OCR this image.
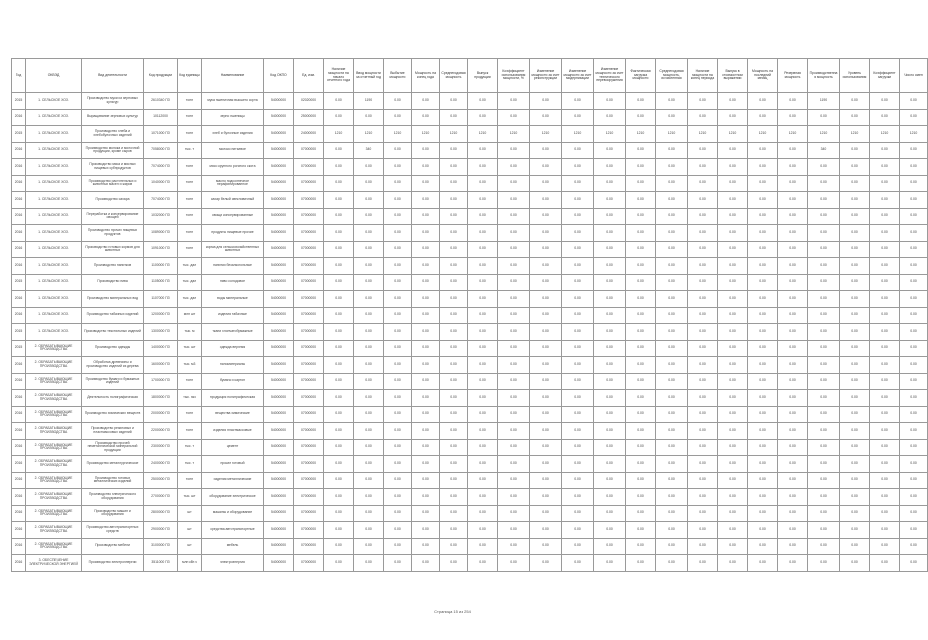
Год	ОКВЭД	Вид деятельности	Код продукции	Код единицы	Наименование	Код ОКПО	Ед. изм.	Наличие мощности на начало отчетного года	Ввод мощности за отчетный год	Выбытие мощности	Мощность на конец года	Среднегодовая мощность	Выпуск продукции	Коэффициент использования мощности, %	Изменение мощности за счет реконструкции	Изменение мощности за счет модернизации	Изменение мощности за счет технического перевооружения	Фактическая загрузка мощности	Среднегодовая мощность, исчисленная	Наличие мощности на конец периода	Выпуск в стоимостном выражении	Мощность на последний месяц	Резервная мощность	Производственная мощность	Уровень использования	Коэффициент загрузки	Число смен
2015	1. СЕЛЬСКОЕ ХОЗ.	Производство муки из зерновых культур	2610340 ПЗ	тонн	мука пшеничная высшего сорта	54000000	02020000	0.00	1190	0.00	0.00	0.00	0.00	0.00	0.00	0.00	0.00	0.00	0.00	0.00	0.00	0.00	0.00	1190	0.00	0.00	0.00
2016	1. СЕЛЬСКОЕ ХОЗ.	Выращивание зерновых культур	10112000	тонн	зерно пшеницы	54000000	25000000	0.00	0.00	0.00	0.00	0.00	0.00	0.00	0.00	0.00	0.00	0.00	0.00	0.00	0.00	0.00	0.00	0.00	0.00	0.00	0.00
2015	1. СЕЛЬСКОЕ ХОЗ.	Производство хлеба и хлебобулочных изделий	1071000 ПЗ	тонн	хлеб и булочные изделия	54000000	24000000	1210	1210	1210	1210	1210	1210	1210	1210	1210	1210	1210	1210	1210	1210	1210	1210	1210	1210	1210	1210
2016	1. СЕЛЬСКОЕ ХОЗ.	Производство молока и молочной продукции, кроме сыров	7058000 ПЗ	тыс. т	молоко питьевое	54000000	07000000	0.00	340	0.00	0.00	0.00	0.00	0.00	0.00	0.00	0.00	0.00	0.00	0.00	0.00	0.00	0.00	340	0.00	0.00	0.00
2016	1. СЕЛЬСКОЕ ХОЗ.	Производство мяса и мясных пищевых субпродуктов	7074000 ПЗ	тонн	мясо крупного рогатого скота	54000000	07000000	0.00	0.00	0.00	0.00	0.00	0.00	0.00	0.00	0.00	0.00	0.00	0.00	0.00	0.00	0.00	0.00	0.00	0.00	0.00	0.00
2016	1. СЕЛЬСКОЕ ХОЗ.	Производство растительных и животных масел и жиров	1040000 ПЗ	тонн	масло подсолнечное нерафинированное	54000000	07000000	0.00	0.00	0.00	0.00	0.00	0.00	0.00	0.00	0.00	0.00	0.00	0.00	0.00	0.00	0.00	0.00	0.00	0.00	0.00	0.00
2016	1. СЕЛЬСКОЕ ХОЗ.	Производство сахара	7074000 ПЗ	тонн	сахар белый свекловичный	54000000	07000000	0.00	0.00	0.00	0.00	0.00	0.00	0.00	0.00	0.00	0.00	0.00	0.00	0.00	0.00	0.00	0.00	0.00	0.00	0.00	0.00
2016	1. СЕЛЬСКОЕ ХОЗ.	Переработка и консервирование овощей	1032000 ПЗ	тонн	овощи консервированные	54000000	07000000	0.00	0.00	0.00	0.00	0.00	0.00	0.00	0.00	0.00	0.00	0.00	0.00	0.00	0.00	0.00	0.00	0.00	0.00	0.00	0.00
2016	1. СЕЛЬСКОЕ ХОЗ.	Производство прочих пищевых продуктов	1089000 ПЗ	тонн	продукты пищевые прочие	54000000	07000000	0.00	0.00	0.00	0.00	0.00	0.00	0.00	0.00	0.00	0.00	0.00	0.00	0.00	0.00	0.00	0.00	0.00	0.00	0.00	0.00
2016	1. СЕЛЬСКОЕ ХОЗ.	Производство готовых кормов для животных	1091000 ПЗ	тонн	корма для сельскохозяйственных животных	54000000	07000000	0.00	0.00	0.00	0.00	0.00	0.00	0.00	0.00	0.00	0.00	0.00	0.00	0.00	0.00	0.00	0.00	0.00	0.00	0.00	0.00
2016	1. СЕЛЬСКОЕ ХОЗ.	Производство напитков	1100000 ПЗ	тыс. дал	напитки безалкогольные	54000000	07000000	0.00	0.00	0.00	0.00	0.00	0.00	0.00	0.00	0.00	0.00	0.00	0.00	0.00	0.00	0.00	0.00	0.00	0.00	0.00	0.00
2015	1. СЕЛЬСКОЕ ХОЗ.	Производство пива	1105000 ПЗ	тыс. дал	пиво солодовое	54000000	07000000	0.00	0.00	0.00	0.00	0.00	0.00	0.00	0.00	0.00	0.00	0.00	0.00	0.00	0.00	0.00	0.00	0.00	0.00	0.00	0.00
2016	1. СЕЛЬСКОЕ ХОЗ.	Производство минеральных вод	1107000 ПЗ	тыс. дал	воды минеральные	54000000	07000000	0.00	0.00	0.00	0.00	0.00	0.00	0.00	0.00	0.00	0.00	0.00	0.00	0.00	0.00	0.00	0.00	0.00	0.00	0.00	0.00
2016	1. СЕЛЬСКОЕ ХОЗ.	Производство табачных изделий	1200000 ПЗ	млн шт	изделия табачные	54000000	07000000	0.00	0.00	0.00	0.00	0.00	0.00	0.00	0.00	0.00	0.00	0.00	0.00	0.00	0.00	0.00	0.00	0.00	0.00	0.00	0.00
2015	1. СЕЛЬСКОЕ ХОЗ.	Производство текстильных изделий	1300000 ПЗ	тыс. м	ткани хлопчатобумажные	54000000	07000000	0.00	0.00	0.00	0.00	0.00	0.00	0.00	0.00	0.00	0.00	0.00	0.00	0.00	0.00	0.00	0.00	0.00	0.00	0.00	0.00
2015	2. ОБРАБАТЫВАЮЩИЕ ПРОИЗВОДСТВА	Производство одежды	1400000 ПЗ	тыс. шт	одежда верхняя	54000000	07000000	0.00	0.00	0.00	0.00	0.00	0.00	0.00	0.00	0.00	0.00	0.00	0.00	0.00	0.00	0.00	0.00	0.00	0.00	0.00	0.00
2016	2. ОБРАБАТЫВАЮЩИЕ ПРОИЗВОДСТВА	Обработка древесины и производство изделий из дерева	1600000 ПЗ	тыс. м3	пиломатериалы	54000000	07000000	0.00	0.00	0.00	0.00	0.00	0.00	0.00	0.00	0.00	0.00	0.00	0.00	0.00	0.00	0.00	0.00	0.00	0.00	0.00	0.00
2016	2. ОБРАБАТЫВАЮЩИЕ ПРОИЗВОДСТВА	Производство бумаги и бумажных изделий	1700000 ПЗ	тонн	бумага и картон	54000000	07000000	0.00	0.00	0.00	0.00	0.00	0.00	0.00	0.00	0.00	0.00	0.00	0.00	0.00	0.00	0.00	0.00	0.00	0.00	0.00	0.00
2016	2. ОБРАБАТЫВАЮЩИЕ ПРОИЗВОДСТВА	Деятельность полиграфическая	1800000 ПЗ	тыс. экз	продукция полиграфическая	54000000	07000000	0.00	0.00	0.00	0.00	0.00	0.00	0.00	0.00	0.00	0.00	0.00	0.00	0.00	0.00	0.00	0.00	0.00	0.00	0.00	0.00
2016	2. ОБРАБАТЫВАЮЩИЕ ПРОИЗВОДСТВА	Производство химических веществ	2000000 ПЗ	тонн	вещества химические	54000000	07000000	0.00	0.00	0.00	0.00	0.00	0.00	0.00	0.00	0.00	0.00	0.00	0.00	0.00	0.00	0.00	0.00	0.00	0.00	0.00	0.00
2016	2. ОБРАБАТЫВАЮЩИЕ ПРОИЗВОДСТВА	Производство резиновых и пластмассовых изделий	2200000 ПЗ	тонн	изделия пластмассовые	54000000	07000000	0.00	0.00	0.00	0.00	0.00	0.00	0.00	0.00	0.00	0.00	0.00	0.00	0.00	0.00	0.00	0.00	0.00	0.00	0.00	0.00
2016	2. ОБРАБАТЫВАЮЩИЕ ПРОИЗВОДСТВА	Производство прочей неметаллической минеральной продукции	2300000 ПЗ	тыс. т	цемент	54000000	07000000	0.00	0.00	0.00	0.00	0.00	0.00	0.00	0.00	0.00	0.00	0.00	0.00	0.00	0.00	0.00	0.00	0.00	0.00	0.00	0.00
2016	2. ОБРАБАТЫВАЮЩИЕ ПРОИЗВОДСТВА	Производство металлургическое	2400000 ПЗ	тыс. т	прокат готовый	54000000	07000000	0.00	0.00	0.00	0.00	0.00	0.00	0.00	0.00	0.00	0.00	0.00	0.00	0.00	0.00	0.00	0.00	0.00	0.00	0.00	0.00
2016	2. ОБРАБАТЫВАЮЩИЕ ПРОИЗВОДСТВА	Производство готовых металлических изделий	2500000 ПЗ	тонн	изделия металлические	54000000	07000000	0.00	0.00	0.00	0.00	0.00	0.00	0.00	0.00	0.00	0.00	0.00	0.00	0.00	0.00	0.00	0.00	0.00	0.00	0.00	0.00
2016	2. ОБРАБАТЫВАЮЩИЕ ПРОИЗВОДСТВА	Производство электрического оборудования	2700000 ПЗ	тыс. шт	оборудование электрическое	54000000	07000000	0.00	0.00	0.00	0.00	0.00	0.00	0.00	0.00	0.00	0.00	0.00	0.00	0.00	0.00	0.00	0.00	0.00	0.00	0.00	0.00
2016	2. ОБРАБАТЫВАЮЩИЕ ПРОИЗВОДСТВА	Производство машин и оборудования	2800000 ПЗ	шт	машины и оборудование	54000000	07000000	0.00	0.00	0.00	0.00	0.00	0.00	0.00	0.00	0.00	0.00	0.00	0.00	0.00	0.00	0.00	0.00	0.00	0.00	0.00	0.00
2016	2. ОБРАБАТЫВАЮЩИЕ ПРОИЗВОДСТВА	Производство автотранспортных средств	2900000 ПЗ	шт	средства автотранспортные	54000000	07000000	0.00	0.00	0.00	0.00	0.00	0.00	0.00	0.00	0.00	0.00	0.00	0.00	0.00	0.00	0.00	0.00	0.00	0.00	0.00	0.00
2016	2. ОБРАБАТЫВАЮЩИЕ ПРОИЗВОДСТВА	Производство мебели	3100000 ПЗ	шт	мебель	54000000	07000000	0.00	0.00	0.00	0.00	0.00	0.00	0.00	0.00	0.00	0.00	0.00	0.00	0.00	0.00	0.00	0.00	0.00	0.00	0.00	0.00
2016	3. ОБЕСПЕЧЕНИЕ ЭЛЕКТРИЧЕСКОЙ ЭНЕРГИЕЙ	Производство электроэнергии	3511000 ПЗ	млн кВт.ч	электроэнергия	54000000	07000000	0.00	0.00	0.00	0.00	0.00	0.00	0.00	0.00	0.00	0.00	0.00	0.00	0.00	0.00	0.00	0.00	0.00	0.00	0.00	0.00
Страница 15 из 254
